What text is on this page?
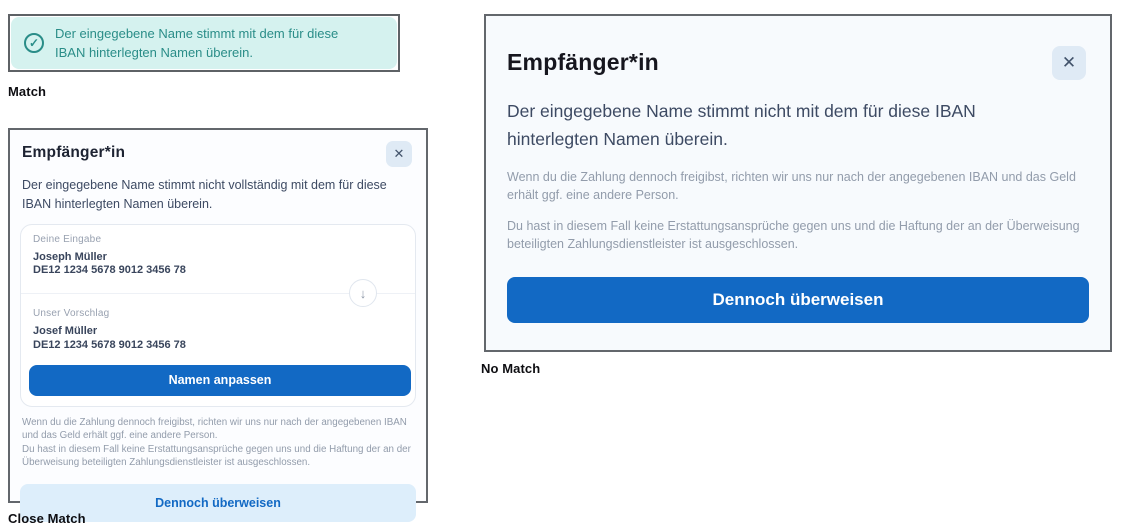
✓
Der eingegebene Name stimmt mit dem für diese IBAN hinterlegten Namen überein.
Match
Empfänger*in	✕
Der eingegebene Name stimmt nicht vollständig mit dem für diese IBAN hinterlegten Namen überein.
Deine Eingabe
Joseph Müller
DE12 1234 5678 9012 3456 78
↓
Unser Vorschlag
Josef Müller
DE12 1234 5678 9012 3456 78
Namen anpassen
Wenn du die Zahlung dennoch freigibst, richten wir uns nur nach der angegebenen IBAN und das Geld erhält ggf. eine andere Person.
Du hast in diesem Fall keine Erstattungsansprüche gegen uns und die Haftung der an der Überweisung beteiligten Zahlungsdienstleister ist ausgeschlossen.
Dennoch überweisen
Close Match
Empfänger*in	✕
Der eingegebene Name stimmt nicht mit dem für diese IBAN hinterlegten Namen überein.
Wenn du die Zahlung dennoch freigibst, richten wir uns nur nach der angegebenen IBAN und das Geld erhält ggf. eine andere Person.
Du hast in diesem Fall keine Erstattungsansprüche gegen uns und die Haftung der an der Überweisung beteiligten Zahlungsdienstleister ist ausgeschlossen.
Dennoch überweisen
No Match
